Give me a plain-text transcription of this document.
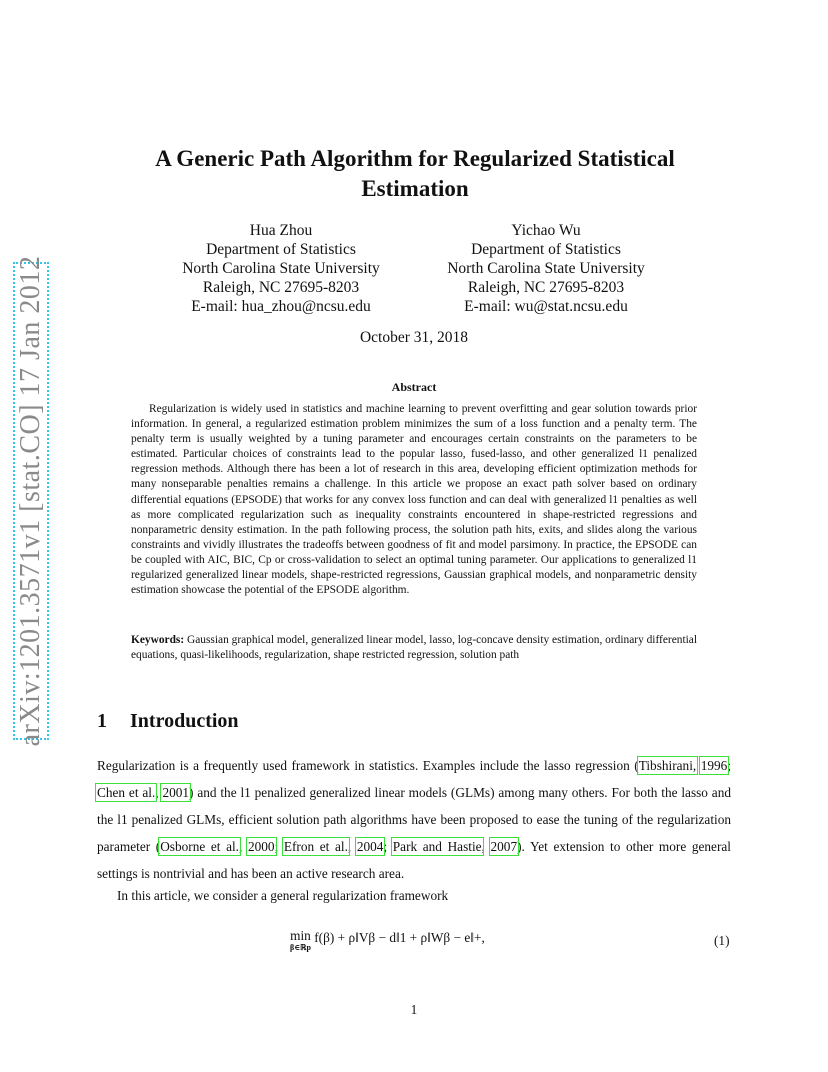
arXiv:1201.3571v1 [stat.CO] 17 Jan 2012
A Generic Path Algorithm for Regularized Statistical Estimation
Hua Zhou
Department of Statistics
North Carolina State University
Raleigh, NC 27695-8203
E-mail: hua_zhou@ncsu.edu
Yichao Wu
Department of Statistics
North Carolina State University
Raleigh, NC 27695-8203
E-mail: wu@stat.ncsu.edu
October 31, 2018
Abstract
Regularization is widely used in statistics and machine learning to prevent overfitting and gear solution towards prior information. In general, a regularized estimation problem minimizes the sum of a loss function and a penalty term. The penalty term is usually weighted by a tuning parameter and encourages certain constraints on the parameters to be estimated. Particular choices of constraints lead to the popular lasso, fused-lasso, and other generalized l1 penalized regression methods. Although there has been a lot of research in this area, developing efficient optimization methods for many nonseparable penalties remains a challenge. In this article we propose an exact path solver based on ordinary differential equations (EPSODE) that works for any convex loss function and can deal with generalized l1 penalties as well as more complicated regularization such as inequality constraints encountered in shape-restricted regressions and nonparametric density estimation. In the path following process, the solution path hits, exits, and slides along the various constraints and vividly illustrates the tradeoffs between goodness of fit and model parsimony. In practice, the EPSODE can be coupled with AIC, BIC, Cp or cross-validation to select an optimal tuning parameter. Our applications to generalized l1 regularized generalized linear models, shape-restricted regressions, Gaussian graphical models, and nonparametric density estimation showcase the potential of the EPSODE algorithm.
Keywords: Gaussian graphical model, generalized linear model, lasso, log-concave density estimation, ordinary differential equations, quasi-likelihoods, regularization, shape restricted regression, solution path
1 Introduction
Regularization is a frequently used framework in statistics. Examples include the lasso regression (Tibshirani, 1996; Chen et al., 2001) and the l1 penalized generalized linear models (GLMs) among many others. For both the lasso and the l1 penalized GLMs, efficient solution path algorithms have been proposed to ease the tuning of the regularization parameter (Osborne et al., 2000; Efron et al., 2004; Park and Hastie, 2007). Yet extension to other more general settings is nontrivial and has been an active research area.
In this article, we consider a general regularization framework
min
β∈ℝp
f(β) + ρ‖Vβ − d‖1 + ρ‖Wβ − e‖+,	(1)
1
